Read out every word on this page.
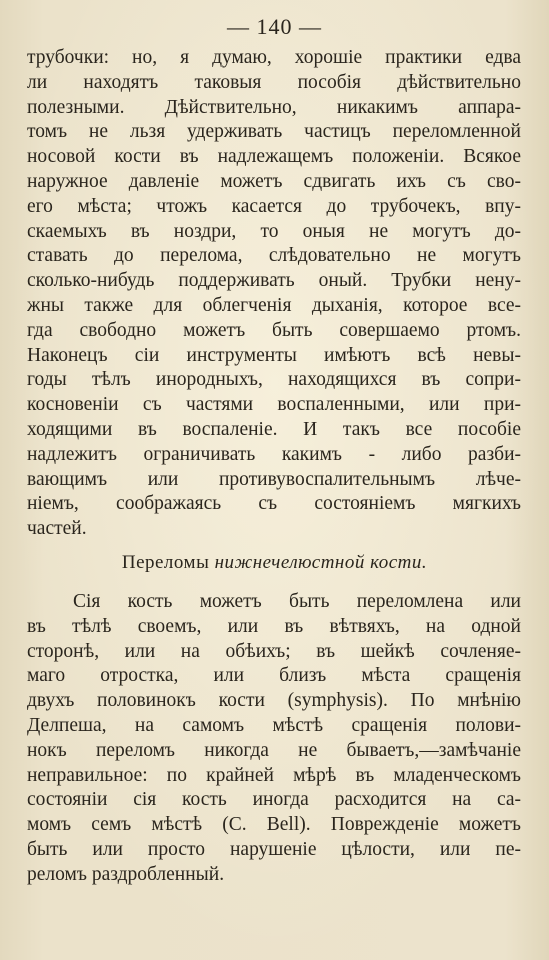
— 140 —
трубочки: но, я думаю, хорошіе практики едва
ли находятъ таковыя пособія дѣйствительно
полезными. Дѣйствительно, никакимъ аппара-
томъ не льзя удерживать частицъ переломленной
носовой кости въ надлежащемъ положеніи. Всякое
наружное давленіе можетъ сдвигать ихъ съ сво-
его мѣста; чтожъ касается до трубочекъ, впу-
скаемыхъ въ ноздри, то оныя не могутъ до-
ставать до перелома, слѣдовательно не могутъ
сколько-нибудь поддерживать оный. Трубки нену-
жны также для облегченія дыханія, которое все-
гда свободно можетъ быть совершаемо ртомъ.
Наконецъ сіи инструменты имѣютъ всѣ невы-
годы тѣлъ инородныхъ, находящихся въ сопри-
косновеніи съ частями воспаленными, или при-
ходящими въ воспаленіе. И такъ все пособіе
надлежитъ ограничивать какимъ - либо разби-
вающимъ или противувоспалительнымъ лѣче-
ніемъ, соображаясь съ состояніемъ мягкихъ
частей.
Переломы нижнечелюстной кости.
Сія кость можетъ быть переломлена или
въ тѣлѣ своемъ, или въ вѣтвяхъ, на одной
сторонѣ, или на обѣихъ; въ шейкѣ сочленяе-
маго отростка, или близъ мѣста сращенія
двухъ половинокъ кости (symphysis). По мнѣнію
Делпеша, на самомъ мѣстѣ сращенія полови-
нокъ переломъ никогда не бываетъ,—замѣчаніе
неправильное: по крайней мѣрѣ въ младенческомъ
состояніи сія кость иногда расходится на са-
момъ семъ мѣстѣ (С. Bell). Поврежденіе можетъ
быть или просто нарушеніе цѣлости, или пе-
реломъ раздробленный.
